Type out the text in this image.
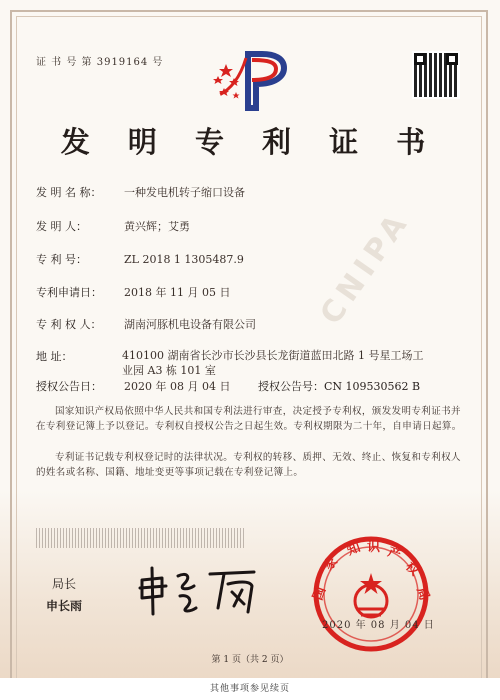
CNIPA
证 书 号 第 3919164 号
发 明 专 利 证 书
发 明 名 称： 一种发电机转子缩口设备
发 明 人：	黄兴辉；艾勇
专 利 号：	ZL 2018 1 1305487.9
专利申请日： 2018 年 11 月 05 日
专 利 权 人： 湖南河豚机电设备有限公司
地 址：	410100 湖南省长沙市长沙县长龙街道蓝田北路 1 号星工场工业园 A3 栋 101 室
授权公告日： 2020 年 08 月 04 日	授权公告号：CN 109530562 B
国家知识产权局依照中华人民共和国专利法进行审查，决定授予专利权，颁发发明专利证书并在专利登记簿上予以登记。专利权自授权公告之日起生效。专利权期限为二十年，自申请日起算。
专利证书记载专利权登记时的法律状况。专利权的转移、质押、无效、终止、恢复和专利权人的姓名或名称、国籍、地址变更等事项记载在专利登记簿上。
局长
申长雨
国
家
知 识 产
权
局
2020 年 08 月 04 日
第 1 页（共 2 页）
其他事项参见续页
